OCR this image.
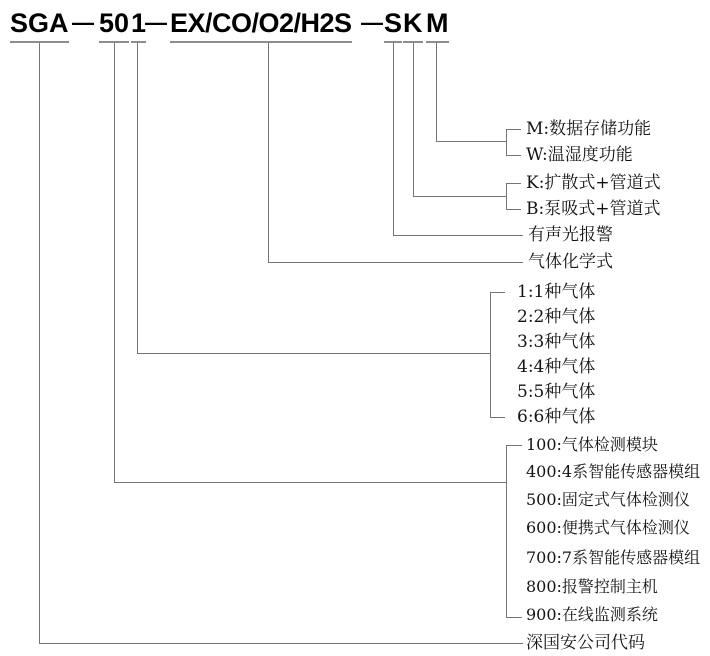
SGA — 50 1
— EX/CO/O2/H2S — S K M
M:数据存储功能
W:温湿度功能
K:扩散式+管道式
B:泵吸式+管道式
有声光报警
气体化学式
1:1种气体
2:2种气体
3:3种气体
4:4种气体
5:5种气体
6:6种气体
100:气体检测模块
400:4系智能传感器模组
500:固定式气体检测仪
600:便携式气体检测仪
700:7系智能传感器模组
800:报警控制主机
900:在线监测系统
深国安公司代码
